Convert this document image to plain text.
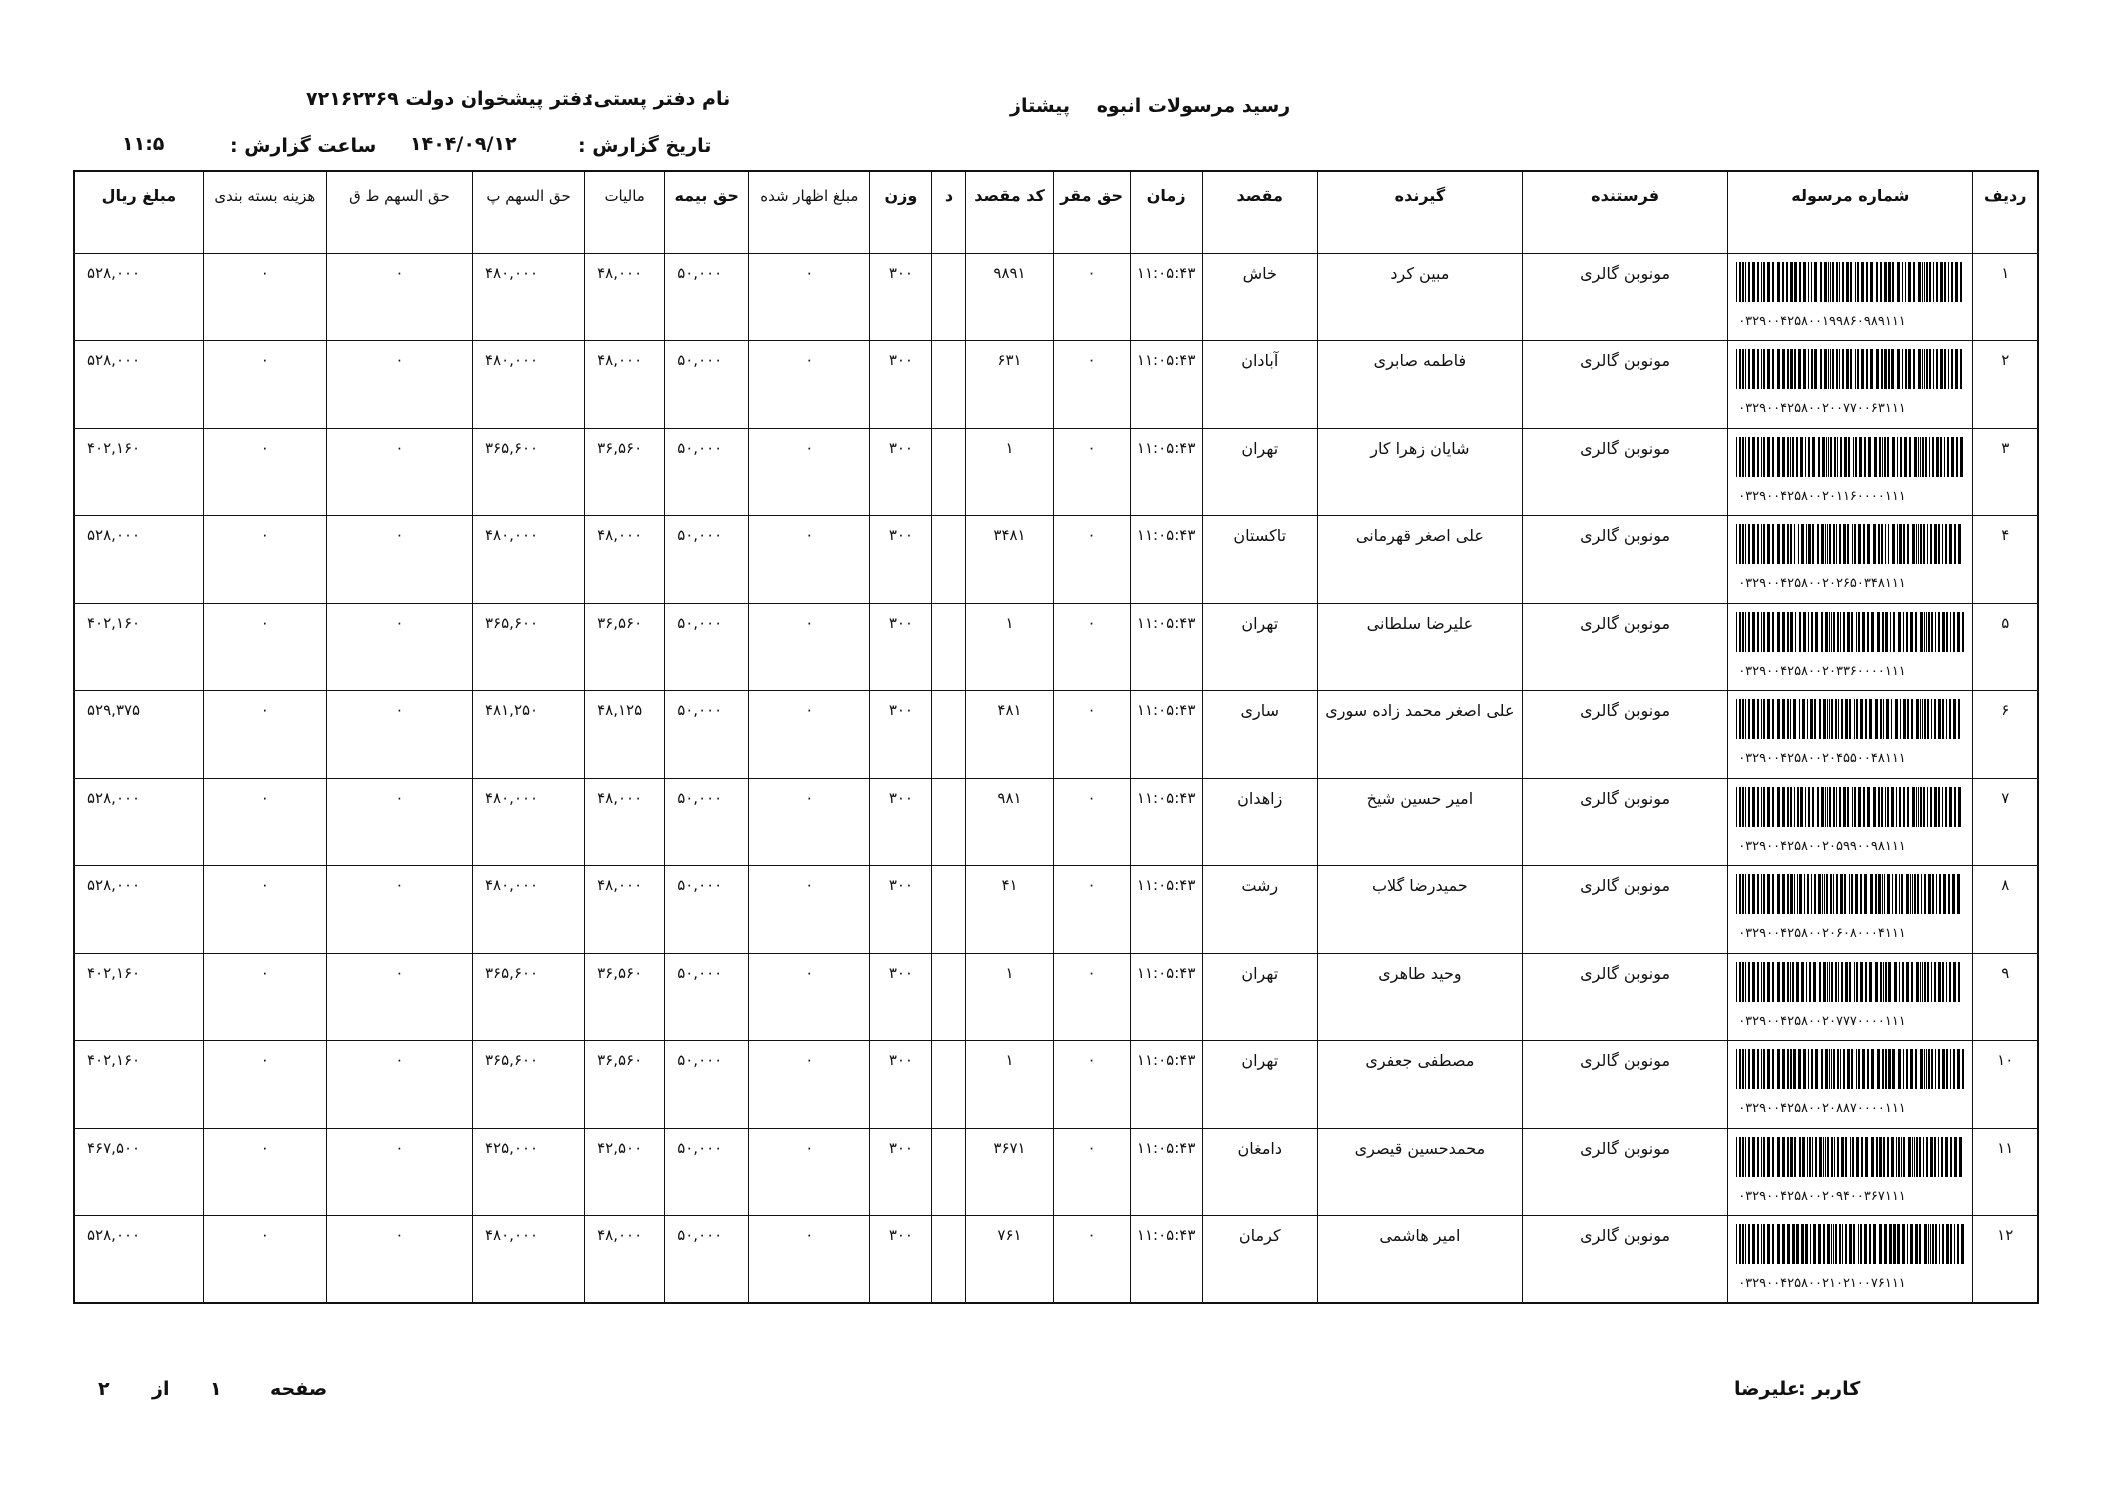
رسید مرسولات انبوه پیشتاز
نام دفتر پستی:
دفتر پیشخوان دولت ۷۲۱۶۲۳۶۹
تاریخ گزارش :
۱۴۰۴/۰۹/۱۲
ساعت گزارش :
۱۱:۵
ردیف	شماره مرسوله	فرستنده	گیرنده	مقصد	زمان	حق مقر	کد مقصد	د	وزن	مبلغ اظهار شده	حق بیمه	مالیات	حق السهم پ	حق السهم ط ق	هزینه بسته بندی	مبلغ ریال
۱	۰۳۲۹۰۰۴۲۵۸۰۰۱۹۹۸۶۰۹۸۹۱۱۱	مونوبن گالری	مبین کرد	خاش	۱۱:۰۵:۴۳	۰	۹۸۹۱		۳۰۰	۰	۵۰,۰۰۰	۴۸,۰۰۰	۴۸۰,۰۰۰	۰	۰	۵۲۸,۰۰۰
۲	۰۳۲۹۰۰۴۲۵۸۰۰۲۰۰۷۷۰۰۶۳۱۱۱	مونوبن گالری	فاطمه صابری	آبادان	۱۱:۰۵:۴۳	۰	۶۳۱		۳۰۰	۰	۵۰,۰۰۰	۴۸,۰۰۰	۴۸۰,۰۰۰	۰	۰	۵۲۸,۰۰۰
۳	۰۳۲۹۰۰۴۲۵۸۰۰۲۰۱۱۶۰۰۰۰۱۱۱	مونوبن گالری	شایان زهرا کار	تهران	۱۱:۰۵:۴۳	۰	۱		۳۰۰	۰	۵۰,۰۰۰	۳۶,۵۶۰	۳۶۵,۶۰۰	۰	۰	۴۰۲,۱۶۰
۴	۰۳۲۹۰۰۴۲۵۸۰۰۲۰۲۶۵۰۳۴۸۱۱۱	مونوبن گالری	علی اصغر قهرمانی	تاکستان	۱۱:۰۵:۴۳	۰	۳۴۸۱		۳۰۰	۰	۵۰,۰۰۰	۴۸,۰۰۰	۴۸۰,۰۰۰	۰	۰	۵۲۸,۰۰۰
۵	۰۳۲۹۰۰۴۲۵۸۰۰۲۰۳۳۶۰۰۰۰۱۱۱	مونوبن گالری	علیرضا سلطانی	تهران	۱۱:۰۵:۴۳	۰	۱		۳۰۰	۰	۵۰,۰۰۰	۳۶,۵۶۰	۳۶۵,۶۰۰	۰	۰	۴۰۲,۱۶۰
۶	۰۳۲۹۰۰۴۲۵۸۰۰۲۰۴۵۵۰۰۴۸۱۱۱	مونوبن گالری	علی اصغر محمد زاده سوری	ساری	۱۱:۰۵:۴۳	۰	۴۸۱		۳۰۰	۰	۵۰,۰۰۰	۴۸,۱۲۵	۴۸۱,۲۵۰	۰	۰	۵۲۹,۳۷۵
۷	۰۳۲۹۰۰۴۲۵۸۰۰۲۰۵۹۹۰۰۹۸۱۱۱	مونوبن گالری	امیر حسین شیخ	زاهدان	۱۱:۰۵:۴۳	۰	۹۸۱		۳۰۰	۰	۵۰,۰۰۰	۴۸,۰۰۰	۴۸۰,۰۰۰	۰	۰	۵۲۸,۰۰۰
۸	۰۳۲۹۰۰۴۲۵۸۰۰۲۰۶۰۸۰۰۰۴۱۱۱	مونوبن گالری	حمیدرضا گلاب	رشت	۱۱:۰۵:۴۳	۰	۴۱		۳۰۰	۰	۵۰,۰۰۰	۴۸,۰۰۰	۴۸۰,۰۰۰	۰	۰	۵۲۸,۰۰۰
۹	۰۳۲۹۰۰۴۲۵۸۰۰۲۰۷۷۷۰۰۰۰۱۱۱	مونوبن گالری	وحید طاهری	تهران	۱۱:۰۵:۴۳	۰	۱		۳۰۰	۰	۵۰,۰۰۰	۳۶,۵۶۰	۳۶۵,۶۰۰	۰	۰	۴۰۲,۱۶۰
۱۰	۰۳۲۹۰۰۴۲۵۸۰۰۲۰۸۸۷۰۰۰۰۱۱۱	مونوبن گالری	مصطفی جعفری	تهران	۱۱:۰۵:۴۳	۰	۱		۳۰۰	۰	۵۰,۰۰۰	۳۶,۵۶۰	۳۶۵,۶۰۰	۰	۰	۴۰۲,۱۶۰
۱۱	۰۳۲۹۰۰۴۲۵۸۰۰۲۰۹۴۰۰۳۶۷۱۱۱	مونوبن گالری	محمدحسین قیصری	دامغان	۱۱:۰۵:۴۳	۰	۳۶۷۱		۳۰۰	۰	۵۰,۰۰۰	۴۲,۵۰۰	۴۲۵,۰۰۰	۰	۰	۴۶۷,۵۰۰
۱۲	۰۳۲۹۰۰۴۲۵۸۰۰۲۱۰۲۱۰۰۷۶۱۱۱	مونوبن گالری	امیر هاشمی	کرمان	۱۱:۰۵:۴۳	۰	۷۶۱		۳۰۰	۰	۵۰,۰۰۰	۴۸,۰۰۰	۴۸۰,۰۰۰	۰	۰	۵۲۸,۰۰۰
کاربر :
علیرضا
صفحه
۱
از
۲
